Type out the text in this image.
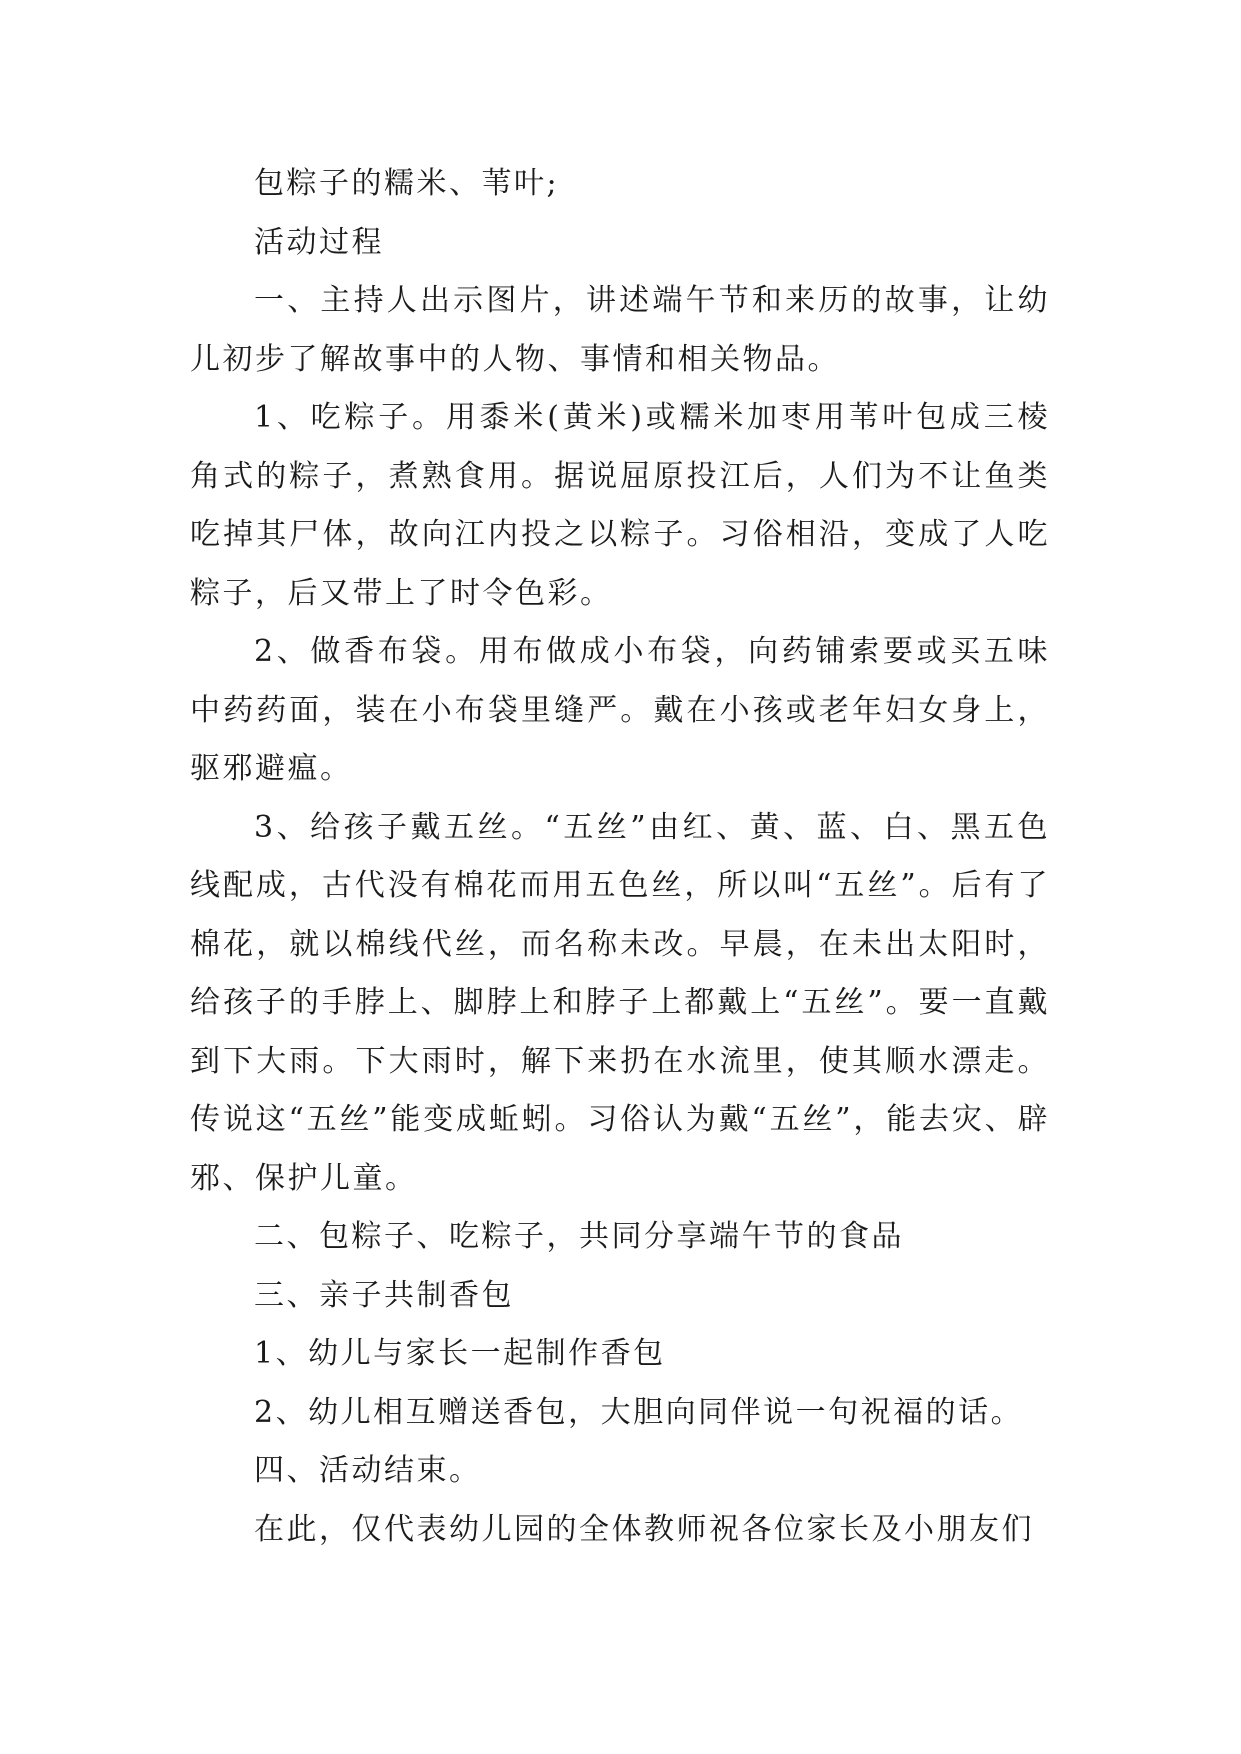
包粽子的糯米、苇叶;

活动过程

一、主持人出示图片，讲述端午节和来历的故事，让幼儿初步了解故事中的人物、事情和相关物品。

1、吃粽子。用黍米(黄米)或糯米加枣用苇叶包成三棱角式的粽子，煮熟食用。据说屈原投江后，人们为不让鱼类吃掉其尸体，故向江内投之以粽子。习俗相沿，变成了人吃粽子，后又带上了时令色彩。

2、做香布袋。用布做成小布袋，向药铺索要或买五味中药药面，装在小布袋里缝严。戴在小孩或老年妇女身上，驱邪避瘟。

3、给孩子戴五丝。“五丝”由红、黄、蓝、白、黑五色线配成，古代没有棉花而用五色丝，所以叫“五丝”。后有了棉花，就以棉线代丝，而名称未改。早晨，在未出太阳时，给孩子的手脖上、脚脖上和脖子上都戴上“五丝”。要一直戴到下大雨。下大雨时，解下来扔在水流里，使其顺水漂走。传说这“五丝”能变成蚯蚓。习俗认为戴“五丝”，能去灾、辟邪、保护儿童。

二、包粽子、吃粽子，共同分享端午节的食品

三、亲子共制香包

1、幼儿与家长一起制作香包

2、幼儿相互赠送香包，大胆向同伴说一句祝福的话。

四、活动结束。

在此，仅代表幼儿园的全体教师祝各位家长及小朋友们
